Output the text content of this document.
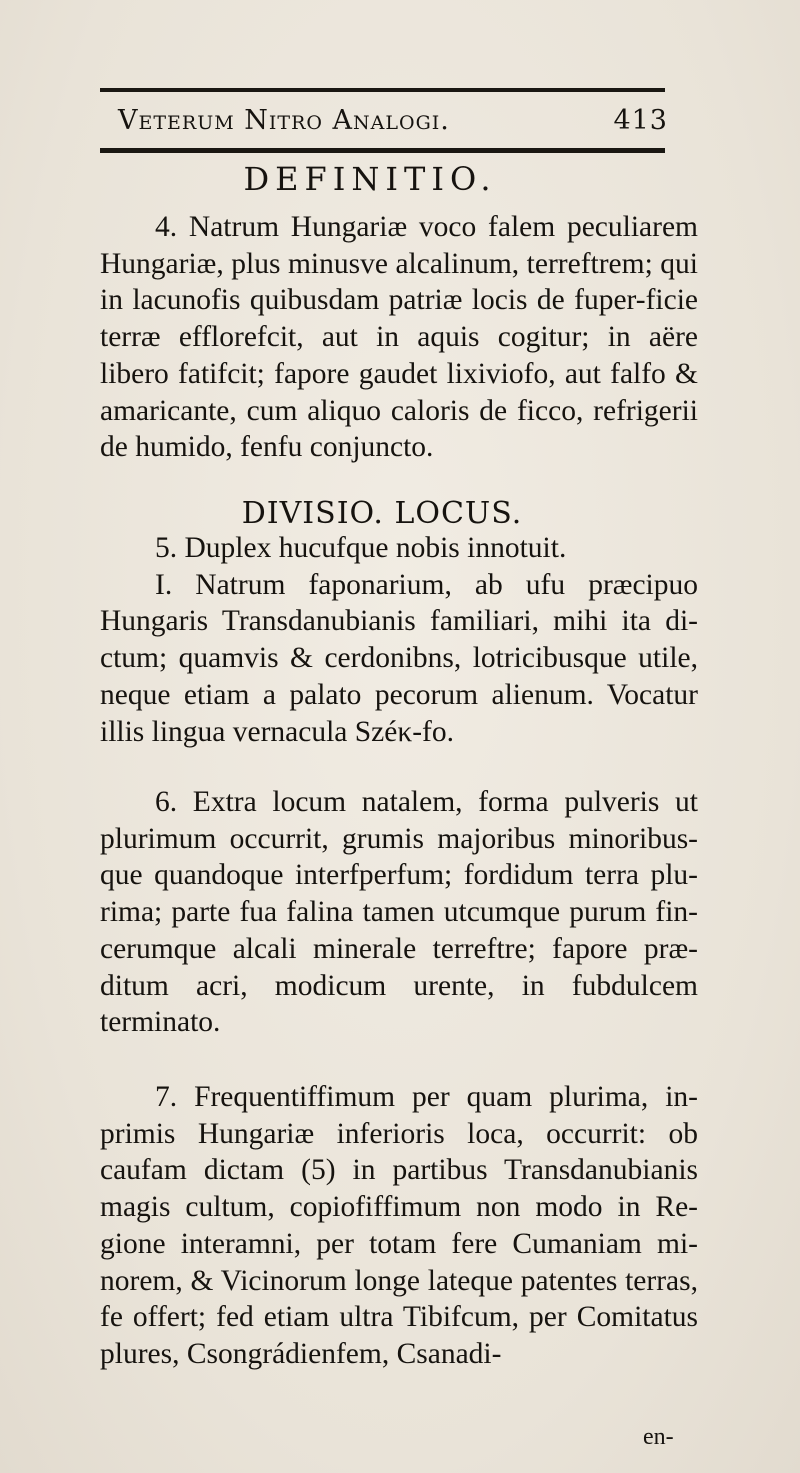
Veterum Nitro Analogi.	413
DEFINITIO.

4. Natrum Hungariæ voco falem peculiarem Hungariæ, plus minusve alcalinum, terreftrem; qui in lacunofis quibusdam patriæ locis de fuper-ficie terræ efflorefcit, aut in aquis cogitur; in aëre libero fatifcit; fapore gaudet lixiviofo, aut falfo & amaricante, cum aliquo caloris de ficco, refrigerii de humido, fenfu conjuncto.

DIVISIO. LOCUS.

5. Duplex hucufque nobis innotuit.

I. Natrum faponarium, ab ufu præcipuo Hungaris Transdanubianis familiari, mihi ita di-ctum; quamvis & cerdonibns, lotricibusque utile, neque etiam a palato pecorum alienum. Vocatur illis lingua vernacula Széκ-fo.

6. Extra locum natalem, forma pulveris ut plurimum occurrit, grumis majoribus minoribus-que quandoque interfperfum; fordidum terra plu-rima; parte fua falina tamen utcumque purum fin-cerumque alcali minerale terreftre; fapore præ-ditum acri, modicum urente, in fubdulcem terminato.

7. Frequentiffimum per quam plurima, in-primis Hungariæ inferioris loca, occurrit: ob caufam dictam (5) in partibus Transdanubianis magis cultum, copiofiffimum non modo in Re-gione interamni, per totam fere Cumaniam mi-norem, & Vicinorum longe lateque patentes terras, fe offert; fed etiam ultra Tibifcum, per Comitatus plures, Csongrádienfem, Csanadi-

en-
